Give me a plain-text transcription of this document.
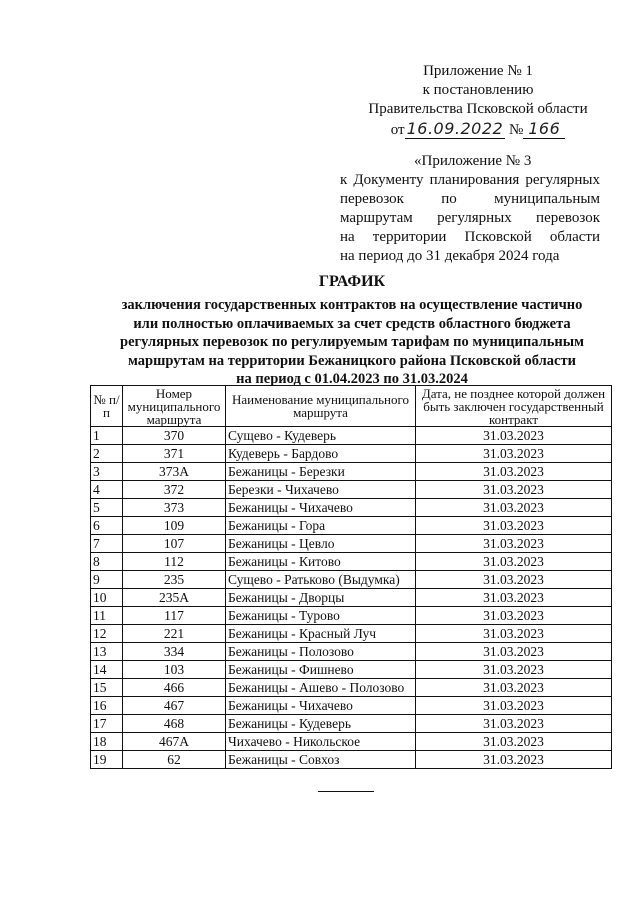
Приложение № 1
к постановлению
Правительства Псковской области
от 16.09.2022 № 166
«Приложение № 3
к Документу планирования регулярных
перевозок по муниципальным
маршрутам регулярных перевозок
на территории Псковской области
на период до 31 декабря 2024 года
ГРАФИК
заключения государственных контрактов на осуществление частично
или полностью оплачиваемых за счет средств областного бюджета
регулярных перевозок по регулируемым тарифам по муниципальным
маршрутам на территории Бежаницкого района Псковской области
на период с 01.04.2023 по 31.03.2024
№ п/п	Номер муниципального маршрута	Наименование муниципального маршрута	Дата, не позднее которой должен быть заключен государственный контракт
1	370	Сущево - Кудеверь	31.03.2023
2	371	Кудеверь - Бардово	31.03.2023
3	373А	Бежаницы - Березки	31.03.2023
4	372	Березки - Чихачево	31.03.2023
5	373	Бежаницы - Чихачево	31.03.2023
6	109	Бежаницы - Гора	31.03.2023
7	107	Бежаницы - Цевло	31.03.2023
8	112	Бежаницы - Китово	31.03.2023
9	235	Сущево - Ратьково (Выдумка)	31.03.2023
10	235А	Бежаницы - Дворцы	31.03.2023
11	117	Бежаницы - Турово	31.03.2023
12	221	Бежаницы - Красный Луч	31.03.2023
13	334	Бежаницы - Полозово	31.03.2023
14	103	Бежаницы - Фишнево	31.03.2023
15	466	Бежаницы - Ашево - Полозово	31.03.2023
16	467	Бежаницы - Чихачево	31.03.2023
17	468	Бежаницы - Кудеверь	31.03.2023
18	467А	Чихачево - Никольское	31.03.2023
19	62	Бежаницы - Совхоз	31.03.2023
